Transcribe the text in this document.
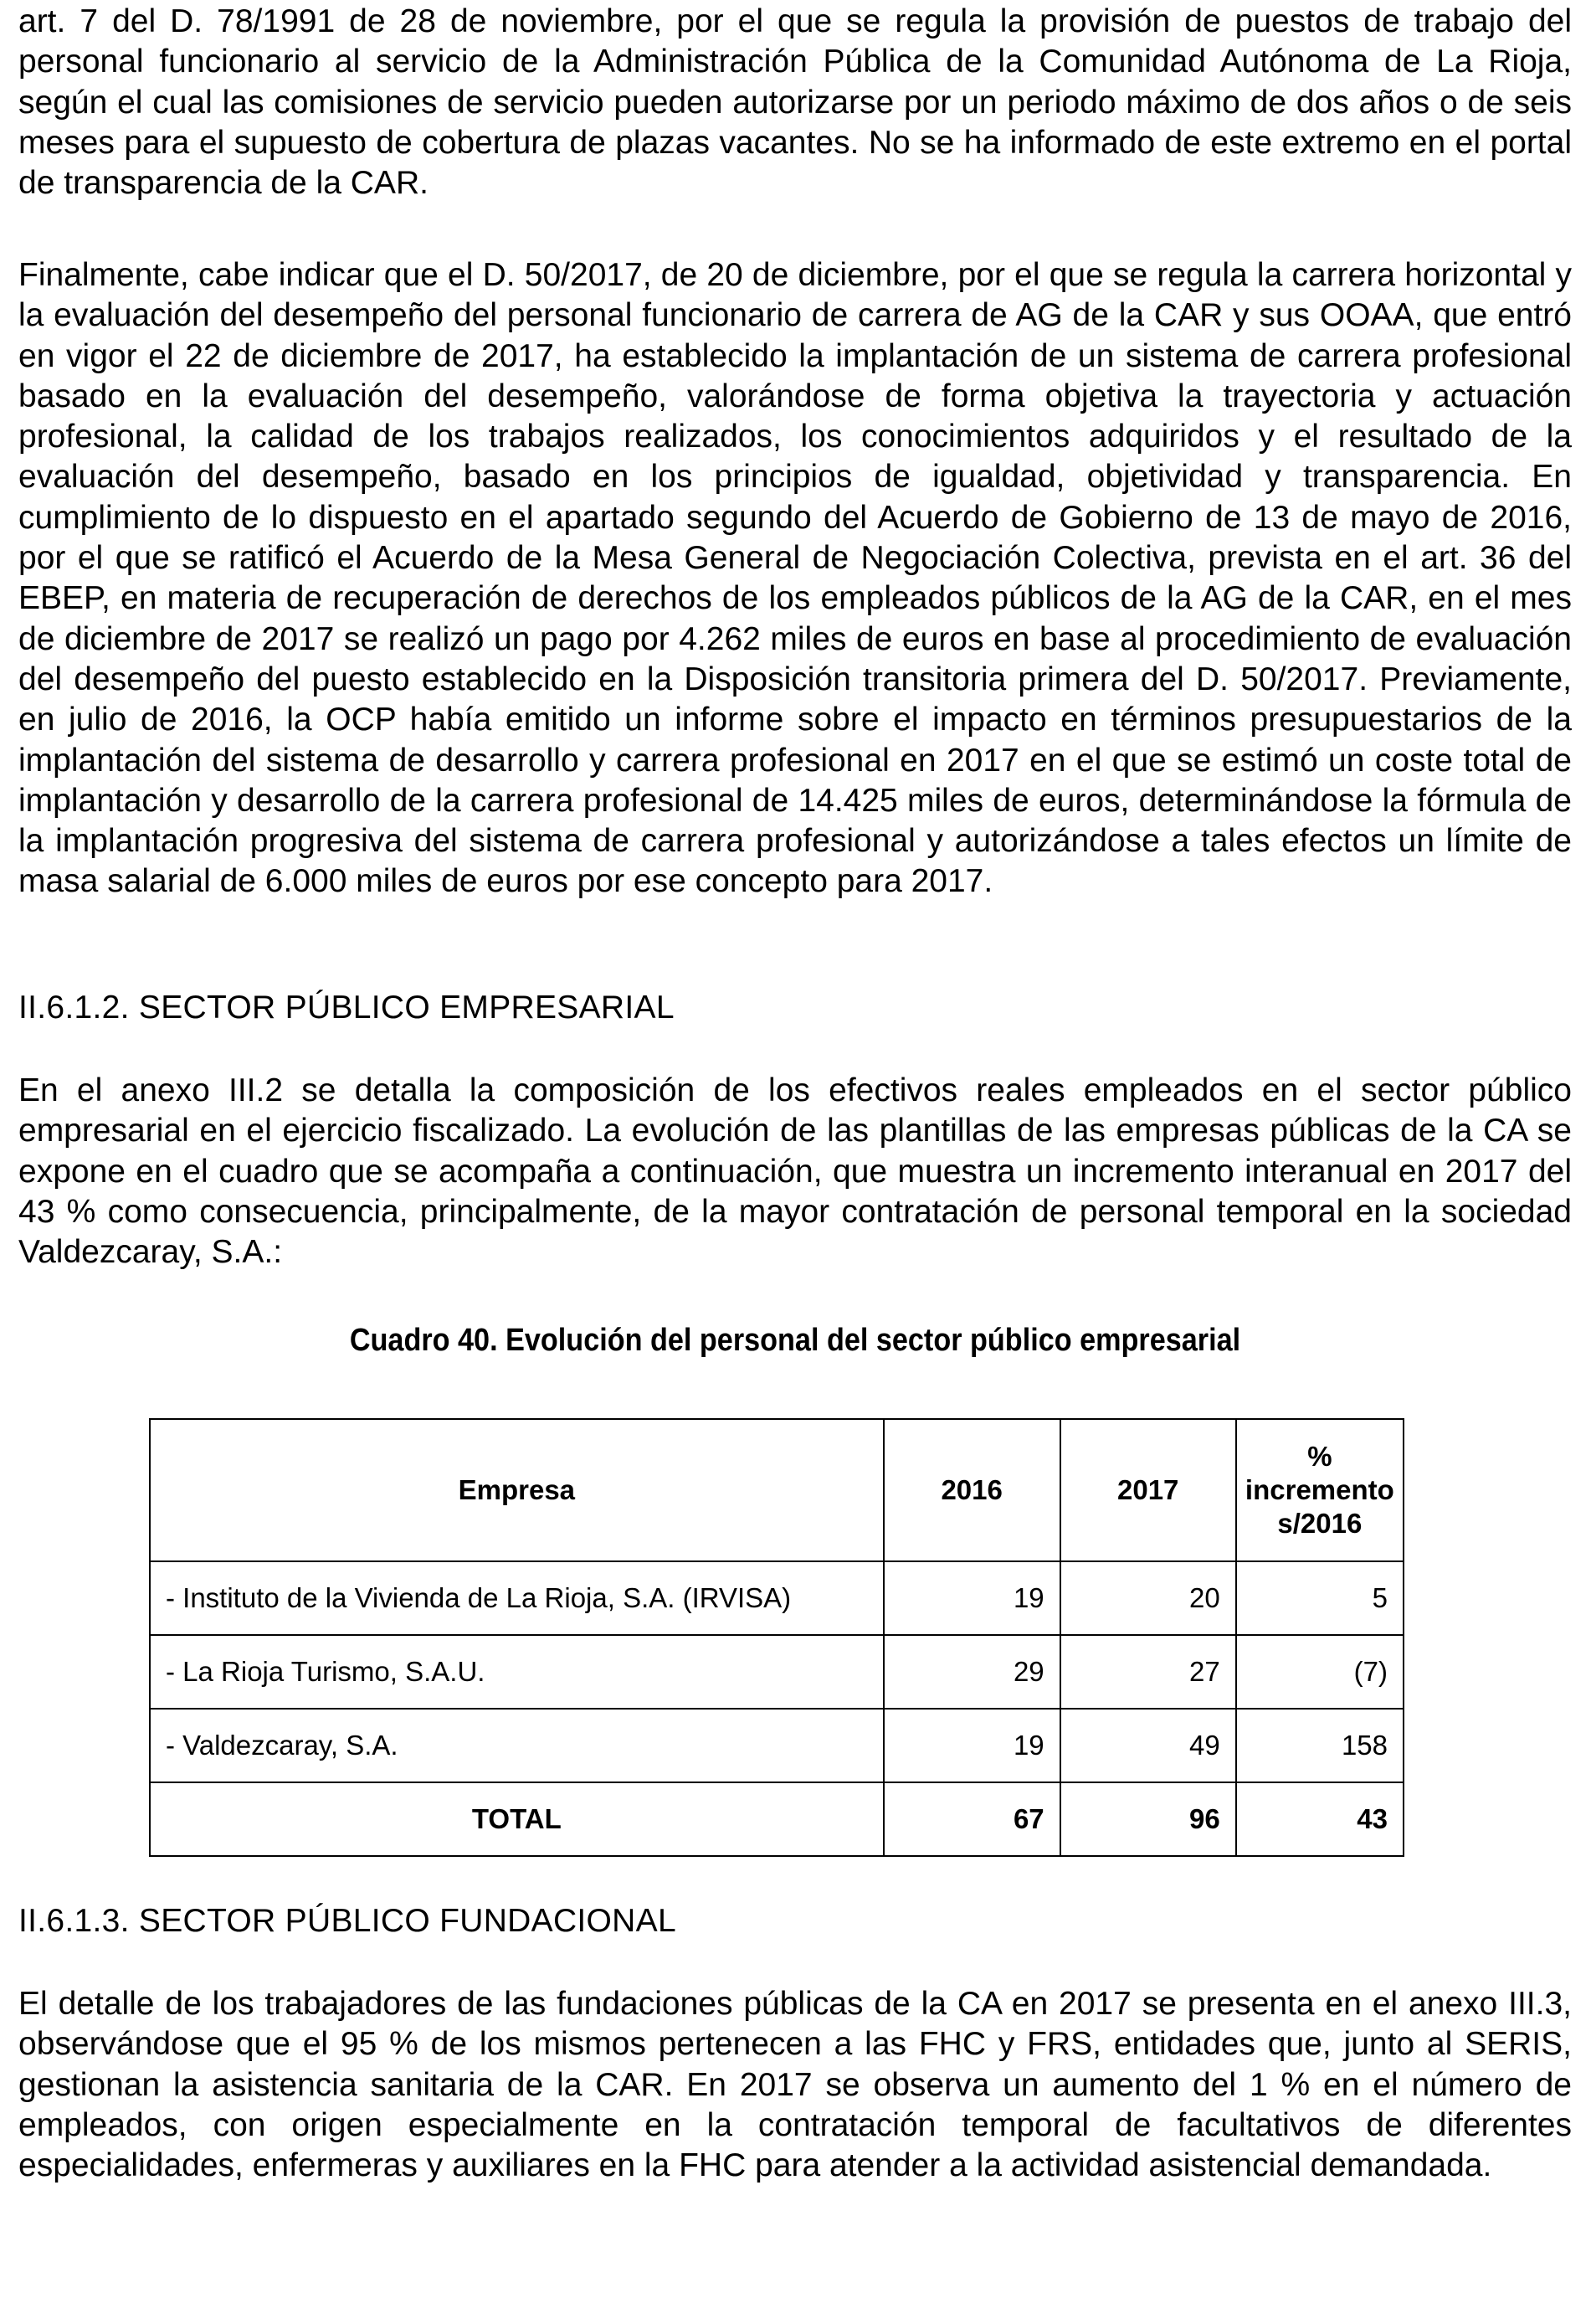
art. 7 del D. 78/1991 de 28 de noviembre, por el que se regula la provisión de puestos de trabajo del personal funcionario al servicio de la Administración Pública de la Comunidad Autónoma de La Rioja, según el cual las comisiones de servicio pueden autorizarse por un periodo máximo de dos años o de seis meses para el supuesto de cobertura de plazas vacantes. No se ha informado de este extremo en el portal de transparencia de la CAR.

Finalmente, cabe indicar que el D. 50/2017, de 20 de diciembre, por el que se regula la carrera horizontal y la evaluación del desempeño del personal funcionario de carrera de AG de la CAR y sus OOAA, que entró en vigor el 22 de diciembre de 2017, ha establecido la implantación de un sistema de carrera profesional basado en la evaluación del desempeño, valorándose de forma objetiva la trayectoria y actuación profesional, la calidad de los trabajos realizados, los conocimientos adquiridos y el resultado de la evaluación del desempeño, basado en los principios de igualdad, objetividad y transparencia. En cumplimiento de lo dispuesto en el apartado segundo del Acuerdo de Gobierno de 13 de mayo de 2016, por el que se ratificó el Acuerdo de la Mesa General de Negociación Colectiva, prevista en el art. 36 del EBEP, en materia de recuperación de derechos de los empleados públicos de la AG de la CAR, en el mes de diciembre de 2017 se realizó un pago por 4.262 miles de euros en base al procedimiento de evaluación del desempeño del puesto establecido en la Disposición transitoria primera del D. 50/2017. Previamente, en julio de 2016, la OCP había emitido un informe sobre el impacto en términos presupuestarios de la implantación del sistema de desarrollo y carrera profesional en 2017 en el que se estimó un coste total de implantación y desarrollo de la carrera profesional de 14.425 miles de euros, determinándose la fórmula de la implantación progresiva del sistema de carrera profesional y autorizándose a tales efectos un límite de masa salarial de 6.000 miles de euros por ese concepto para 2017.

II.6.1.2. SECTOR PÚBLICO EMPRESARIAL

En el anexo III.2 se detalla la composición de los efectivos reales empleados en el sector público empresarial en el ejercicio fiscalizado. La evolución de las plantillas de las empresas públicas de la CA se expone en el cuadro que se acompaña a continuación, que muestra un incremento interanual en 2017 del 43 % como consecuencia, principalmente, de la mayor contratación de personal temporal en la sociedad Valdezcaray, S.A.:

Cuadro 40. Evolución del personal del sector público empresarial

II.6.1.3. SECTOR PÚBLICO FUNDACIONAL

El detalle de los trabajadores de las fundaciones públicas de la CA en 2017 se presenta en el anexo III.3, observándose que el 95 % de los mismos pertenecen a las FHC y FRS, entidades que, junto al SERIS, gestionan la asistencia sanitaria de la CAR. En 2017 se observa un aumento del 1 % en el número de empleados, con origen especialmente en la contratación temporal de facultativos de diferentes especialidades, enfermeras y auxiliares en la FHC para atender a la actividad asistencial demandada.

Empresa	2016	2017	%
incremento
s/2016
- Instituto de la Vivienda de La Rioja, S.A. (IRVISA)	19	20	5
- La Rioja Turismo, S.A.U.	29	27	(7)
- Valdezcaray, S.A.	19	49	158
TOTAL	67	96	43
